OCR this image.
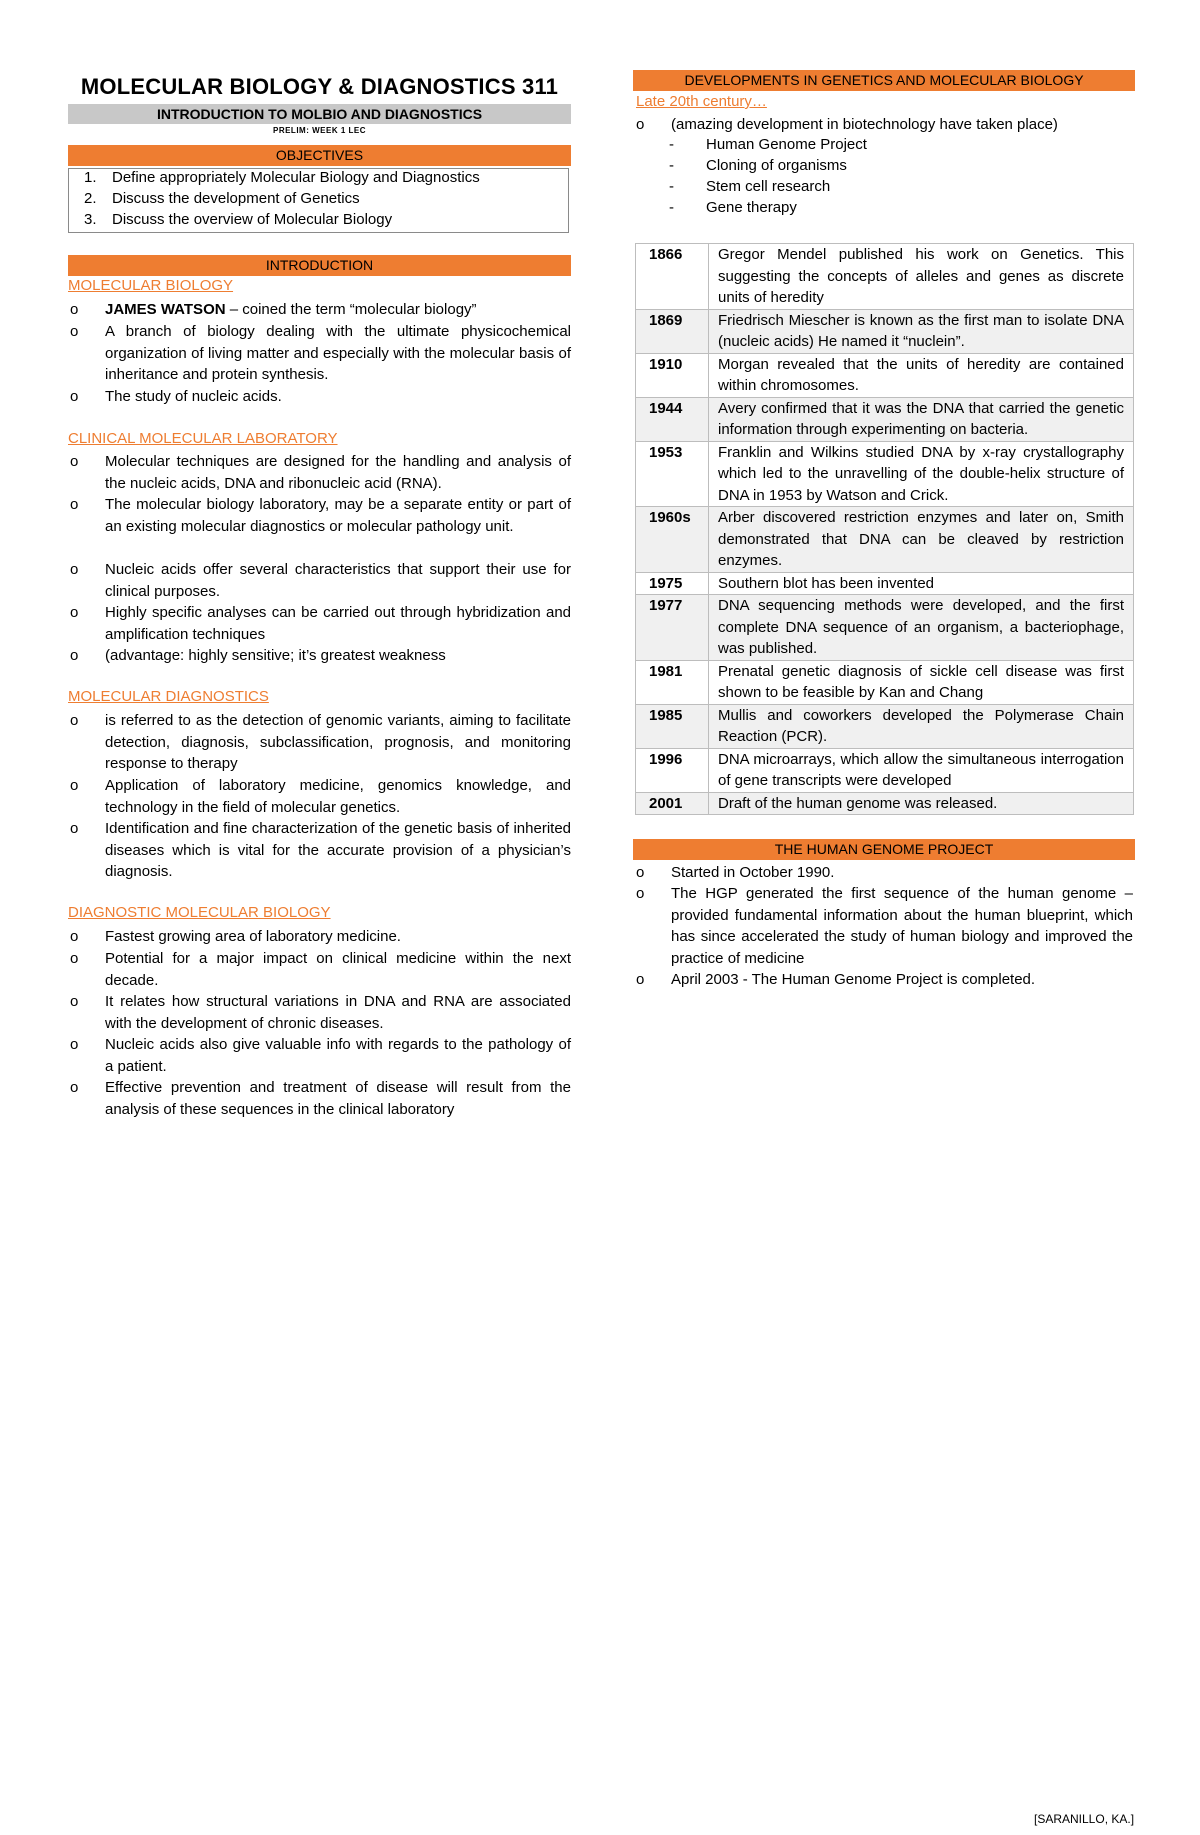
MOLECULAR BIOLOGY & DIAGNOSTICS 311
INTRODUCTION TO MOLBIO AND DIAGNOSTICS
PRELIM: WEEK 1 LEC
OBJECTIVES
1. Define appropriately Molecular Biology and Diagnostics
2. Discuss the development of Genetics
3. Discuss the overview of Molecular Biology
INTRODUCTION
MOLECULAR BIOLOGY
o JAMES WATSON – coined the term “molecular biology”
o A branch of biology dealing with the ultimate physicochemical organization of living matter and especially with the molecular basis of inheritance and protein synthesis.
o The study of nucleic acids.
CLINICAL MOLECULAR LABORATORY
o Molecular techniques are designed for the handling and analysis of the nucleic acids, DNA and ribonucleic acid (RNA).
o The molecular biology laboratory, may be a separate entity or part of an existing molecular diagnostics or molecular pathology unit.
o Nucleic acids offer several characteristics that support their use for clinical purposes.
o Highly specific analyses can be carried out through hybridization and amplification techniques
o (advantage: highly sensitive; it’s greatest weakness
MOLECULAR DIAGNOSTICS
o is referred to as the detection of genomic variants, aiming to facilitate detection, diagnosis, subclassification, prognosis, and monitoring response to therapy
o Application of laboratory medicine, genomics knowledge, and technology in the field of molecular genetics.
o Identification and fine characterization of the genetic basis of inherited diseases which is vital for the accurate provision of a physician’s diagnosis.
DIAGNOSTIC MOLECULAR BIOLOGY
o Fastest growing area of laboratory medicine.
o Potential for a major impact on clinical medicine within the next decade.
o It relates how structural variations in DNA and RNA are associated with the development of chronic diseases.
o Nucleic acids also give valuable info with regards to the pathology of a patient.
o Effective prevention and treatment of disease will result from the analysis of these sequences in the clinical laboratory
DEVELOPMENTS IN GENETICS AND MOLECULAR BIOLOGY
Late 20th century…
o (amazing development in biotechnology have taken place)
- Human Genome Project
- Cloning of organisms
- Stem cell research
- Gene therapy
1866	Gregor Mendel published his work on Genetics. This suggesting the concepts of alleles and genes as discrete units of heredity
1869	Friedrisch Miescher is known as the first man to isolate DNA (nucleic acids) He named it “nuclein”.
1910	Morgan revealed that the units of heredity are contained within chromosomes.
1944	Avery confirmed that it was the DNA that carried the genetic information through experimenting on bacteria.
1953	Franklin and Wilkins studied DNA by x-ray crystallography which led to the unravelling of the double-helix structure of DNA in 1953 by Watson and Crick.
1960s	Arber discovered restriction enzymes and later on, Smith demonstrated that DNA can be cleaved by restriction enzymes.
1975	Southern blot has been invented
1977	DNA sequencing methods were developed, and the first complete DNA sequence of an organism, a bacteriophage, was published.
1981	Prenatal genetic diagnosis of sickle cell disease was first shown to be feasible by Kan and Chang
1985	Mullis and coworkers developed the Polymerase Chain Reaction (PCR).
1996	DNA microarrays, which allow the simultaneous interrogation of gene transcripts were developed
2001	Draft of the human genome was released.
THE HUMAN GENOME PROJECT
o Started in October 1990.
o The HGP generated the first sequence of the human genome – provided fundamental information about the human blueprint, which has since accelerated the study of human biology and improved the practice of medicine
o April 2003 - The Human Genome Project is completed.
[SARANILLO, KA.]
